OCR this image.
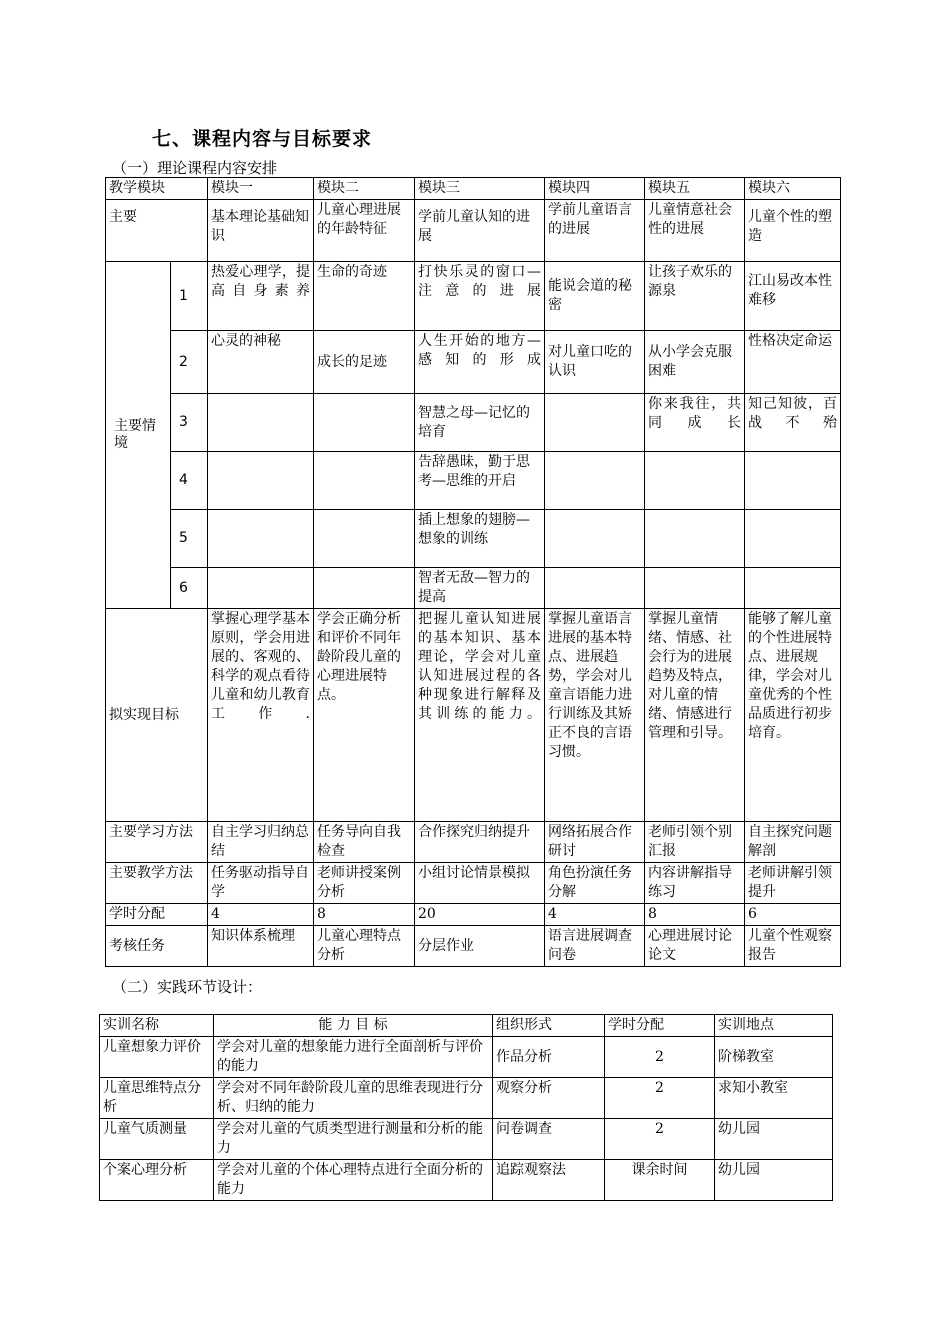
七、课程内容与目标要求
（一）理论课程内容安排
教学模块		模块一	模块二	模块三	模块四	模块五	模块六
主要		基本理论基础知识	儿童心理进展的年龄特征	学前儿童认知的进展	学前儿童语言的进展	儿童情意社会性的进展	儿童个性的塑造
主要情境	1	热爱心理学，提高自身素养	生命的奇迹	打快乐灵的窗口—注意的进展	能说会道的秘密	让孩子欢乐的源泉	江山易改本性难移
	2	心灵的神秘	成长的足迹	人生开始的地方—感知的形成	对儿童口吃的认识	从小学会克服困难	性格决定命运
	3			智慧之母—记忆的培育		你来我往，共同成长	知己知彼，百战不殆
	4			告辞愚昧，勤于思考—思维的开启			
	5			插上想象的翅膀—想象的训练			
	6			智者无敌—智力的提高			
拟实现目标		掌握心理学基本原则，学会用进展的、客观的、科学的观点看待儿童和幼儿教育工作.	学会正确分析和评价不同年龄阶段儿童的心理进展特点。	把握儿童认知进展的基本知识、基本理论，学会对儿童认知进展过程的各种现象进行解释及其训练的能力。	掌握儿童语言进展的基本特点、进展趋势，学会对儿童言语能力进行训练及其矫正不良的言语习惯。	掌握儿童情绪、情感、社会行为的进展趋势及特点，对儿童的情绪、情感进行管理和引导。	能够了解儿童的个性进展特点、进展规律，学会对儿童优秀的个性品质进行初步培育。
主要学习方法		自主学习归纳总结	任务导向自我检查	合作探究归纳提升	网络拓展合作研讨	老师引领个别汇报	自主探究问题解剖
主要教学方法		任务驱动指导自学	老师讲授案例分析	小组讨论情景模拟	角色扮演任务分解	内容讲解指导练习	老师讲解引领提升
学时分配		4	8	20	4	8	6
考核任务		知识体系梳理	儿童心理特点分析	分层作业	语言进展调查问卷	心理进展讨论论文	儿童个性观察报告
（二）实践环节设计：
实训名称	能 力 目 标	组织形式	学时分配	实训地点
儿童想象力评价	学会对儿童的想象能力进行全面剖析与评价的能力	作品分析	2	阶梯教室
儿童思维特点分析	学会对不同年龄阶段儿童的思维表现进行分析、归纳的能力	观察分析	2	求知小教室
儿童气质测量	学会对儿童的气质类型进行测量和分析的能力	问卷调查	2	幼儿园
个案心理分析	学会对儿童的个体心理特点进行全面分析的能力	追踪观察法	课余时间	幼儿园
